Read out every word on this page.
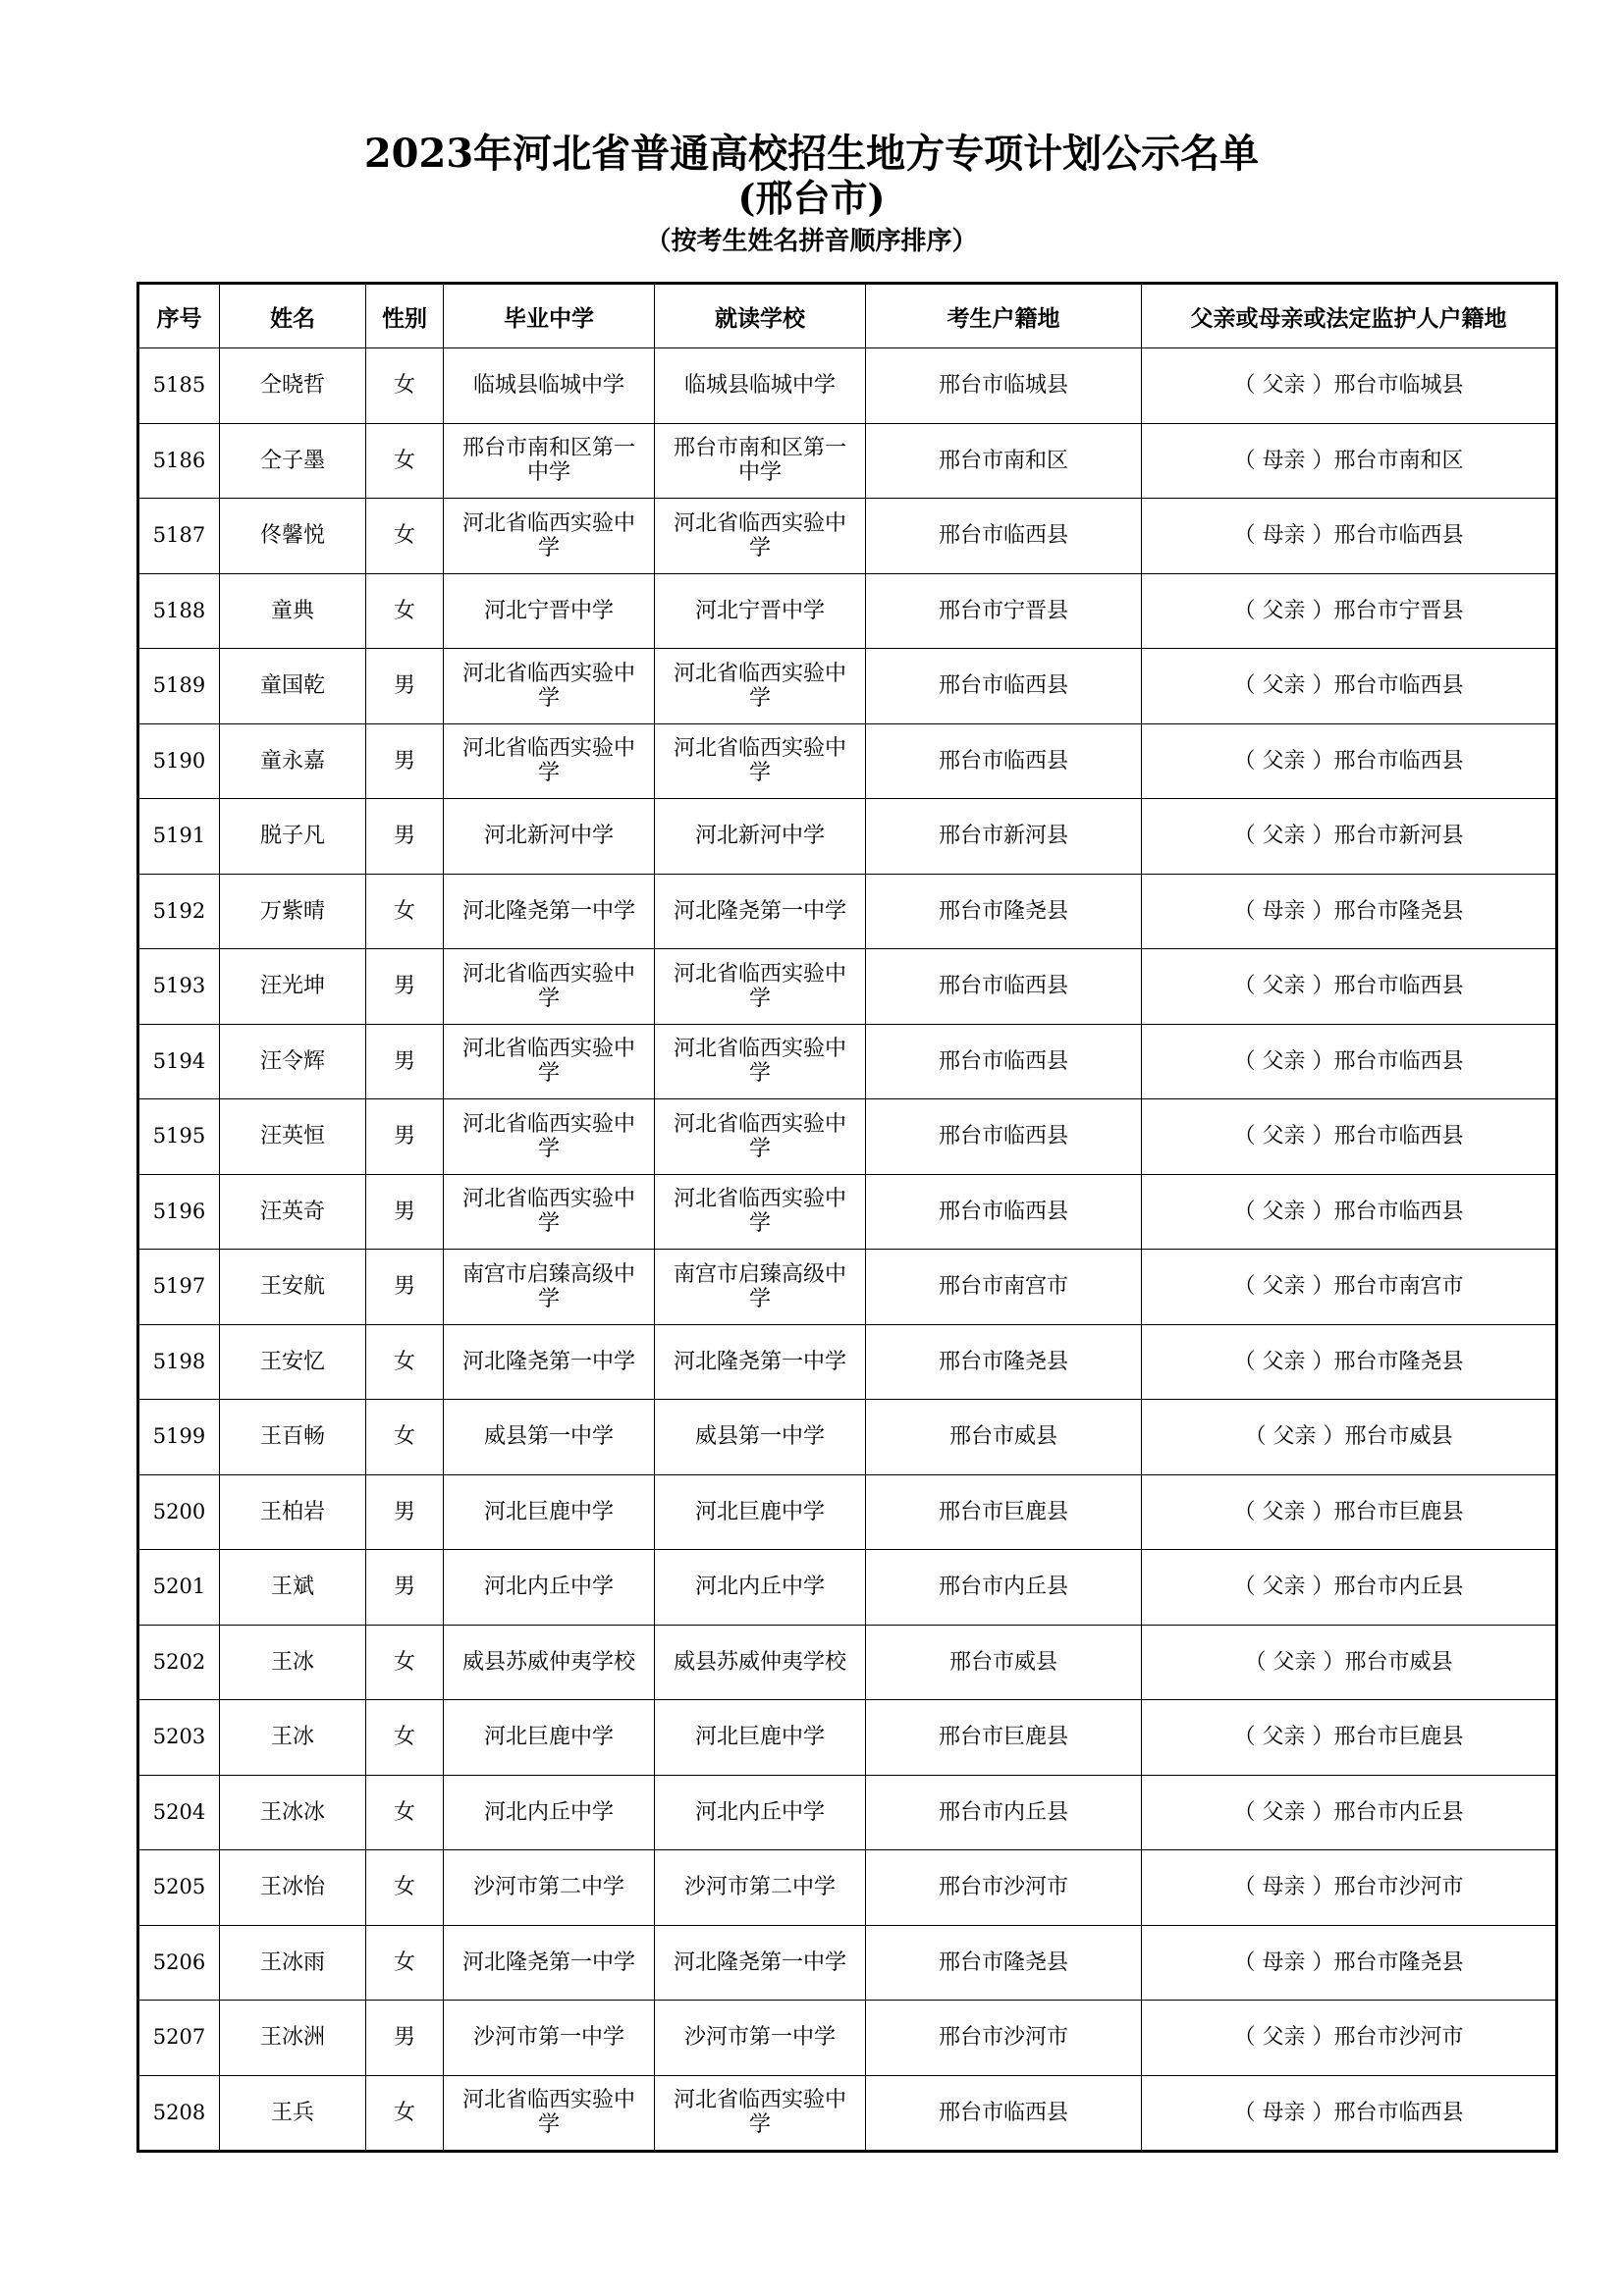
2023年河北省普通高校招生地方专项计划公示名单
(邢台市)
（按考生姓名拼音顺序排序）
序号	姓名	性别	毕业中学	就读学校	考生户籍地	父亲或母亲或法定监护人户籍地
5185	仝晓哲	女	临城县临城中学	临城县临城中学	邢台市临城县	（ 父亲 ）邢台市临城县
5186	仝子墨	女	邢台市南和区第一中学	邢台市南和区第一中学	邢台市南和区	（ 母亲 ）邢台市南和区
5187	佟馨悦	女	河北省临西实验中学	河北省临西实验中学	邢台市临西县	（ 母亲 ）邢台市临西县
5188	童典	女	河北宁晋中学	河北宁晋中学	邢台市宁晋县	（ 父亲 ）邢台市宁晋县
5189	童国乾	男	河北省临西实验中学	河北省临西实验中学	邢台市临西县	（ 父亲 ）邢台市临西县
5190	童永嘉	男	河北省临西实验中学	河北省临西实验中学	邢台市临西县	（ 父亲 ）邢台市临西县
5191	脱子凡	男	河北新河中学	河北新河中学	邢台市新河县	（ 父亲 ）邢台市新河县
5192	万紫晴	女	河北隆尧第一中学	河北隆尧第一中学	邢台市隆尧县	（ 母亲 ）邢台市隆尧县
5193	汪光坤	男	河北省临西实验中学	河北省临西实验中学	邢台市临西县	（ 父亲 ）邢台市临西县
5194	汪令辉	男	河北省临西实验中学	河北省临西实验中学	邢台市临西县	（ 父亲 ）邢台市临西县
5195	汪英恒	男	河北省临西实验中学	河北省临西实验中学	邢台市临西县	（ 父亲 ）邢台市临西县
5196	汪英奇	男	河北省临西实验中学	河北省临西实验中学	邢台市临西县	（ 父亲 ）邢台市临西县
5197	王安航	男	南宫市启臻高级中学	南宫市启臻高级中学	邢台市南宫市	（ 父亲 ）邢台市南宫市
5198	王安忆	女	河北隆尧第一中学	河北隆尧第一中学	邢台市隆尧县	（ 父亲 ）邢台市隆尧县
5199	王百畅	女	威县第一中学	威县第一中学	邢台市威县	（ 父亲 ）邢台市威县
5200	王柏岩	男	河北巨鹿中学	河北巨鹿中学	邢台市巨鹿县	（ 父亲 ）邢台市巨鹿县
5201	王斌	男	河北内丘中学	河北内丘中学	邢台市内丘县	（ 父亲 ）邢台市内丘县
5202	王冰	女	威县苏威仲夷学校	威县苏威仲夷学校	邢台市威县	（ 父亲 ）邢台市威县
5203	王冰	女	河北巨鹿中学	河北巨鹿中学	邢台市巨鹿县	（ 父亲 ）邢台市巨鹿县
5204	王冰冰	女	河北内丘中学	河北内丘中学	邢台市内丘县	（ 父亲 ）邢台市内丘县
5205	王冰怡	女	沙河市第二中学	沙河市第二中学	邢台市沙河市	（ 母亲 ）邢台市沙河市
5206	王冰雨	女	河北隆尧第一中学	河北隆尧第一中学	邢台市隆尧县	（ 母亲 ）邢台市隆尧县
5207	王冰洲	男	沙河市第一中学	沙河市第一中学	邢台市沙河市	（ 父亲 ）邢台市沙河市
5208	王兵	女	河北省临西实验中学	河北省临西实验中学	邢台市临西县	（ 母亲 ）邢台市临西县
